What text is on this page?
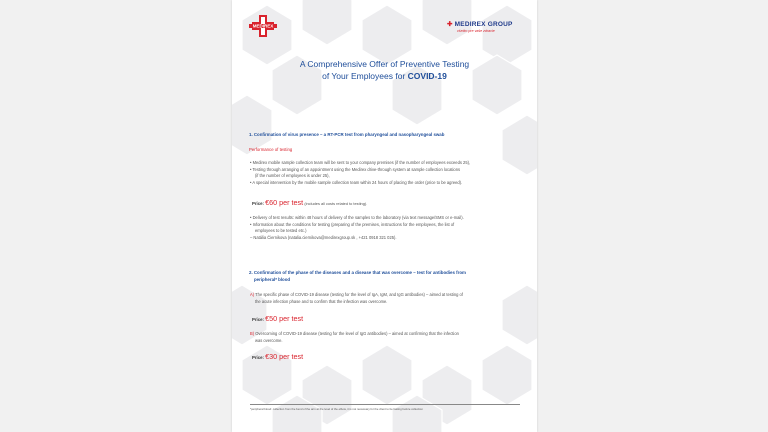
MEDIREX	✚ MEDIREX GROUP
všetko pre vaše zdravie
A Comprehensive Offer of Preventive Testing
of Your Employees for COVID-19
1. Confirmation of virus presence – a RT-PCR test from pharyngeal and nasopharyngeal swab
Performance of testing
• Medirex mobile sample collection team will be sent to your company premises (if the number of employees exceeds 25),
• Testing through arranging of an appointment using the Medirex drive-through system at sample collection locations
(if the number of employees is under 25),
• A special intervention by the mobile sample collection team within 24 hours of placing the order (price to be agreed).
Price: €60 per test (includes all costs related to testing).
• Delivery of test results: within 48 hours of delivery of the samples to the laboratory (via text message/SMS or e-mail).
• Information about the conditions for testing (preparing of the premises, instructions for the employees, the list of
employees to be tested etc.)
– Natália Čiernikova (natalia.ciernikova@medirexgroup.sk , +421 0918 321 025).
2. Confirmation of the phase of the diseases and a disease that was overcome – test for antibodies from
peripheral* blood
A) The specific phase of COVID-19 disease (testing for the level of IgA, IgM, and IgG antibodies) – aimed at testing of
the acute infection phase and to confirm that the infection was overcome.
Price: €50 per test
B) Overcoming of COVID-19 disease (testing for the level of IgG antibodies) – aimed at confirming that the infection
was overcome.
Price: €30 per test
*peripheral blood: collection from the bend of the arm at the level of the elbow, it is not necessary for the client to be fasting before collection
